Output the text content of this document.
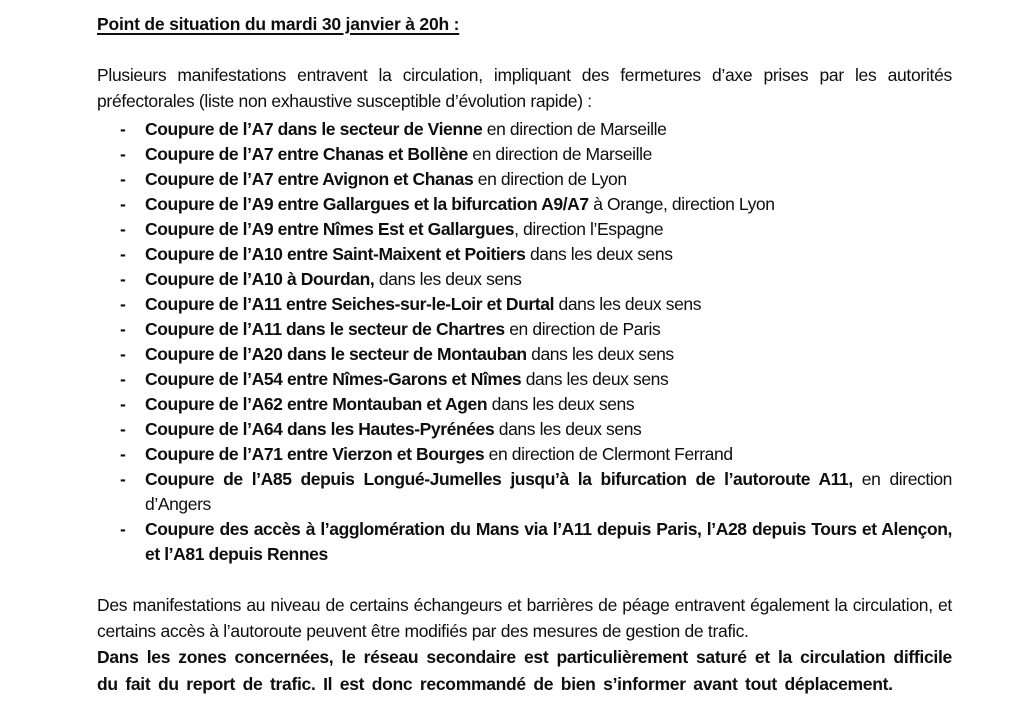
Point de situation du mardi 30 janvier à 20h :

Plusieurs manifestations entravent la circulation, impliquant des fermetures d’axe prises par les autorités préfectorales (liste non exhaustive susceptible d’évolution rapide) :

-	Coupure de l’A7 dans le secteur de Vienne en direction de Marseille
-	Coupure de l’A7 entre Chanas et Bollène en direction de Marseille
-	Coupure de l’A7 entre Avignon et Chanas en direction de Lyon
-	Coupure de l’A9 entre Gallargues et la bifurcation A9/A7 à Orange, direction Lyon
-	Coupure de l’A9 entre Nîmes Est et Gallargues, direction l’Espagne
-	Coupure de l’A10 entre Saint-Maixent et Poitiers dans les deux sens
-	Coupure de l’A10 à Dourdan, dans les deux sens
-	Coupure de l’A11 entre Seiches-sur-le-Loir et Durtal dans les deux sens
-	Coupure de l’A11 dans le secteur de Chartres en direction de Paris
-	Coupure de l’A20 dans le secteur de Montauban dans les deux sens
-	Coupure de l’A54 entre Nîmes-Garons et Nîmes dans les deux sens
-	Coupure de l’A62 entre Montauban et Agen dans les deux sens
-	Coupure de l’A64 dans les Hautes-Pyrénées dans les deux sens
-	Coupure de l’A71 entre Vierzon et Bourges en direction de Clermont Ferrand
-	Coupure de l’A85 depuis Longué-Jumelles jusqu’à la bifurcation de l’autoroute A11, en direction d’Angers
-	Coupure des accès à l’agglomération du Mans via l’A11 depuis Paris, l’A28 depuis Tours et Alençon, et l’A81 depuis Rennes

Des manifestations au niveau de certains échangeurs et barrières de péage entravent également la circulation, et certains accès à l’autoroute peuvent être modifiés par des mesures de gestion de trafic.

Dans les zones concernées, le réseau secondaire est particulièrement saturé et la circulation difficile du fait du report de trafic. Il est donc recommandé de bien s’informer avant tout déplacement.
